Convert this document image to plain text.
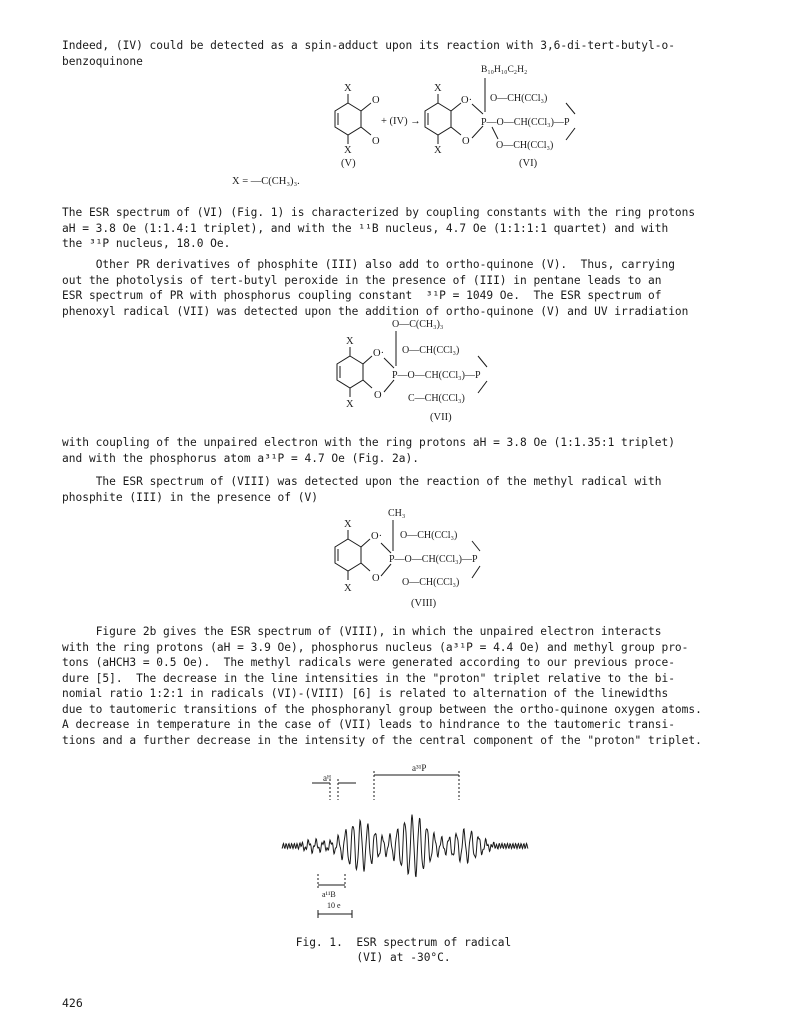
Indeed, (IV) could be detected as a spin-adduct upon its reaction with 3,6-di-tert-butyl-o-
benzoquinone

X
O
O
X
(V)
+ (IV) →
X
O·
O
X
B₁₀H₁₀C₂H₂
O—CH(CCl₃)
P—O—CH(CCl₃)—P
O—CH(CCl₃)
(VI)
X = —C(CH₃)₃.

The ESR spectrum of (VI) (Fig. 1) is characterized by coupling constants with the ring protons
aH = 3.8 Oe (1:1.4:1 triplet), and with the ¹¹B nucleus, 4.7 Oe (1:1:1:1 quartet) and with
the ³¹P nucleus, 18.0 Oe.

Other PR derivatives of phosphite (III) also add to ortho-quinone (V).  Thus, carrying
out the photolysis of tert-butyl peroxide in the presence of (III) in pentane leads to an
ESR spectrum of PR with phosphorus coupling constant  ³¹P = 1049 Oe.  The ESR spectrum of
phenoxyl radical (VII) was detected upon the addition of ortho-quinone (V) and UV irradiation

X
O·
O
X
O—C(CH₃)₃
O—CH(CCl₃)
P—O—CH(CCl₃)—P
C—CH(CCl₃)
(VII)

with coupling of the unpaired electron with the ring protons aH = 3.8 Oe (1:1.35:1 triplet)
and with the phosphorus atom a³¹P = 4.7 Oe (Fig. 2a).

The ESR spectrum of (VIII) was detected upon the reaction of the methyl radical with
phosphite (III) in the presence of (V)

X
O·
O
X
CH₃
O—CH(CCl₃)
P—O—CH(CCl₃)—P
O—CH(CCl₃)
(VIII)

Figure 2b gives the ESR spectrum of (VIII), in which the unpaired electron interacts
with the ring protons (aH = 3.9 Oe), phosphorus nucleus (a³¹P = 4.4 Oe) and methyl group pro-
tons (aHCH3 = 0.5 Oe).  The methyl radicals were generated according to our previous proce-
dure [5].  The decrease in the line intensities in the "proton" triplet relative to the bi-
nomial ratio 1:2:1 in radicals (VI)-(VIII) [6] is related to alternation of the linewidths
due to tautomeric transitions of the phosphoranyl group between the ortho-quinone oxygen atoms.
A decrease in temperature in the case of (VII) leads to hindrance to the tautomeric transi-
tions and a further decrease in the intensity of the central component of the "proton" triplet.

aᴴ
a³¹P
a¹¹B
10 e
Fig. 1.  ESR spectrum of radical
(VI) at -30°C.
426
